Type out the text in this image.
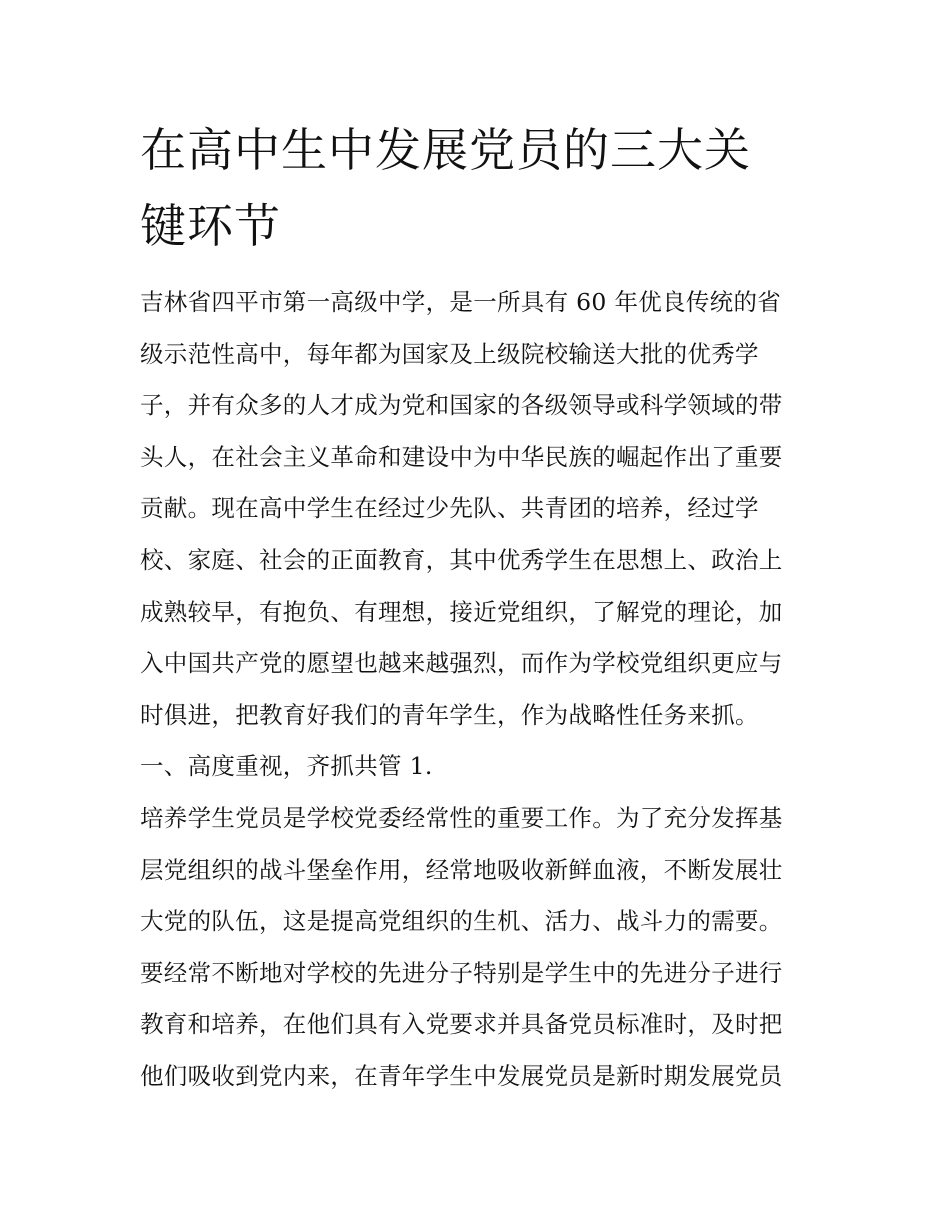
在高中生中发展党员的三大关
键环节
吉林省四平市第一高级中学，是一所具有 60 年优良传统的省
级示范性高中，每年都为国家及上级院校输送大批的优秀学
子，并有众多的人才成为党和国家的各级领导或科学领域的带
头人，在社会主义革命和建设中为中华民族的崛起作出了重要
贡献。现在高中学生在经过少先队、共青团的培养，经过学
校、家庭、社会的正面教育，其中优秀学生在思想上、政治上
成熟较早，有抱负、有理想，接近党组织，了解党的理论，加
入中国共产党的愿望也越来越强烈，而作为学校党组织更应与
时俱进，把教育好我们的青年学生，作为战略性任务来抓。
一、高度重视，齐抓共管 1.
培养学生党员是学校党委经常性的重要工作。为了充分发挥基
层党组织的战斗堡垒作用，经常地吸收新鲜血液，不断发展壮
大党的队伍，这是提高党组织的生机、活力、战斗力的需要。
要经常不断地对学校的先进分子特别是学生中的先进分子进行
教育和培养，在他们具有入党要求并具备党员标准时，及时把
他们吸收到党内来，在青年学生中发展党员是新时期发展党员
